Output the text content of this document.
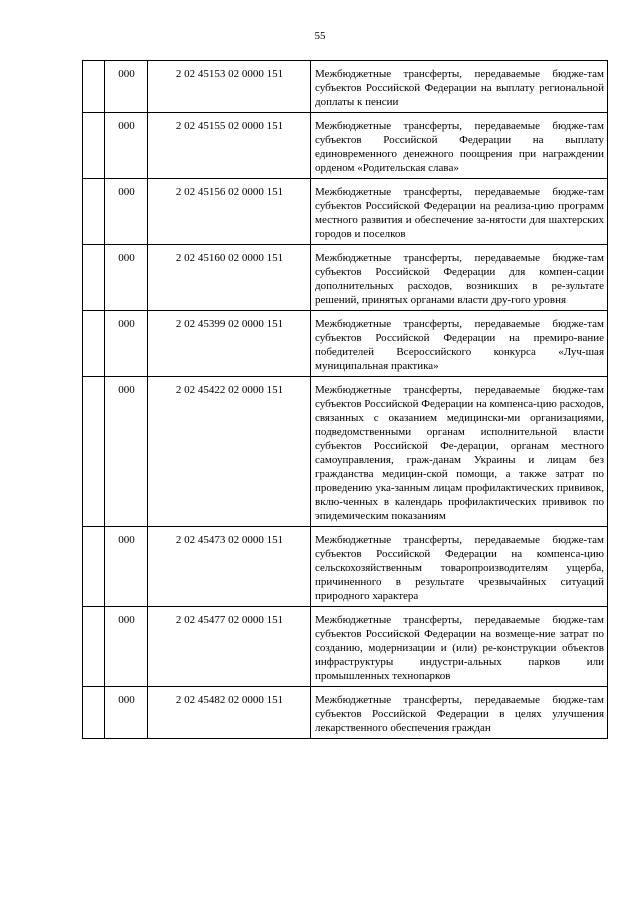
55
	000	2 02 45153 02 0000 151	Межбюджетные трансферты, передаваемые бюдже-там субъектов Российской Федерации на выплату региональной доплаты к пенсии
	000	2 02 45155 02 0000 151	Межбюджетные трансферты, передаваемые бюдже-там субъектов Российской Федерации на выплату единовременного денежного поощрения при награждении орденом «Родительская слава»
	000	2 02 45156 02 0000 151	Межбюджетные трансферты, передаваемые бюдже-там субъектов Российской Федерации на реализа-цию программ местного развития и обеспечение за-нятости для шахтерских городов и поселков
	000	2 02 45160 02 0000 151	Межбюджетные трансферты, передаваемые бюдже-там субъектов Российской Федерации для компен-сации дополнительных расходов, возникших в ре-зультате решений, принятых органами власти дру-гого уровня
	000	2 02 45399 02 0000 151	Межбюджетные трансферты, передаваемые бюдже-там субъектов Российской Федерации на премиро-вание победителей Всероссийского конкурса «Луч-шая муниципальная практика»
	000	2 02 45422 02 0000 151	Межбюджетные трансферты, передаваемые бюдже-там субъектов Российской Федерации на компенса-цию расходов, связанных с оказанием медицински-ми организациями, подведомственными органам исполнительной власти субъектов Российской Фе-дерации, органам местного самоуправления, граж-данам Украины и лицам без гражданства медицин-ской помощи, а также затрат по проведению ука-занным лицам профилактических прививок, вклю-ченных в календарь профилактических прививок по эпидемическим показаниям
	000	2 02 45473 02 0000 151	Межбюджетные трансферты, передаваемые бюдже-там субъектов Российской Федерации на компенса-цию сельскохозяйственным товаропроизводителям ущерба, причиненного в результате чрезвычайных ситуаций природного характера
	000	2 02 45477 02 0000 151	Межбюджетные трансферты, передаваемые бюдже-там субъектов Российской Федерации на возмеще-ние затрат по созданию, модернизации и (или) ре-конструкции объектов инфраструктуры индустри-альных парков или промышленных технопарков
	000	2 02 45482 02 0000 151	Межбюджетные трансферты, передаваемые бюдже-там субъектов Российской Федерации в целях улучшения лекарственного обеспечения граждан
